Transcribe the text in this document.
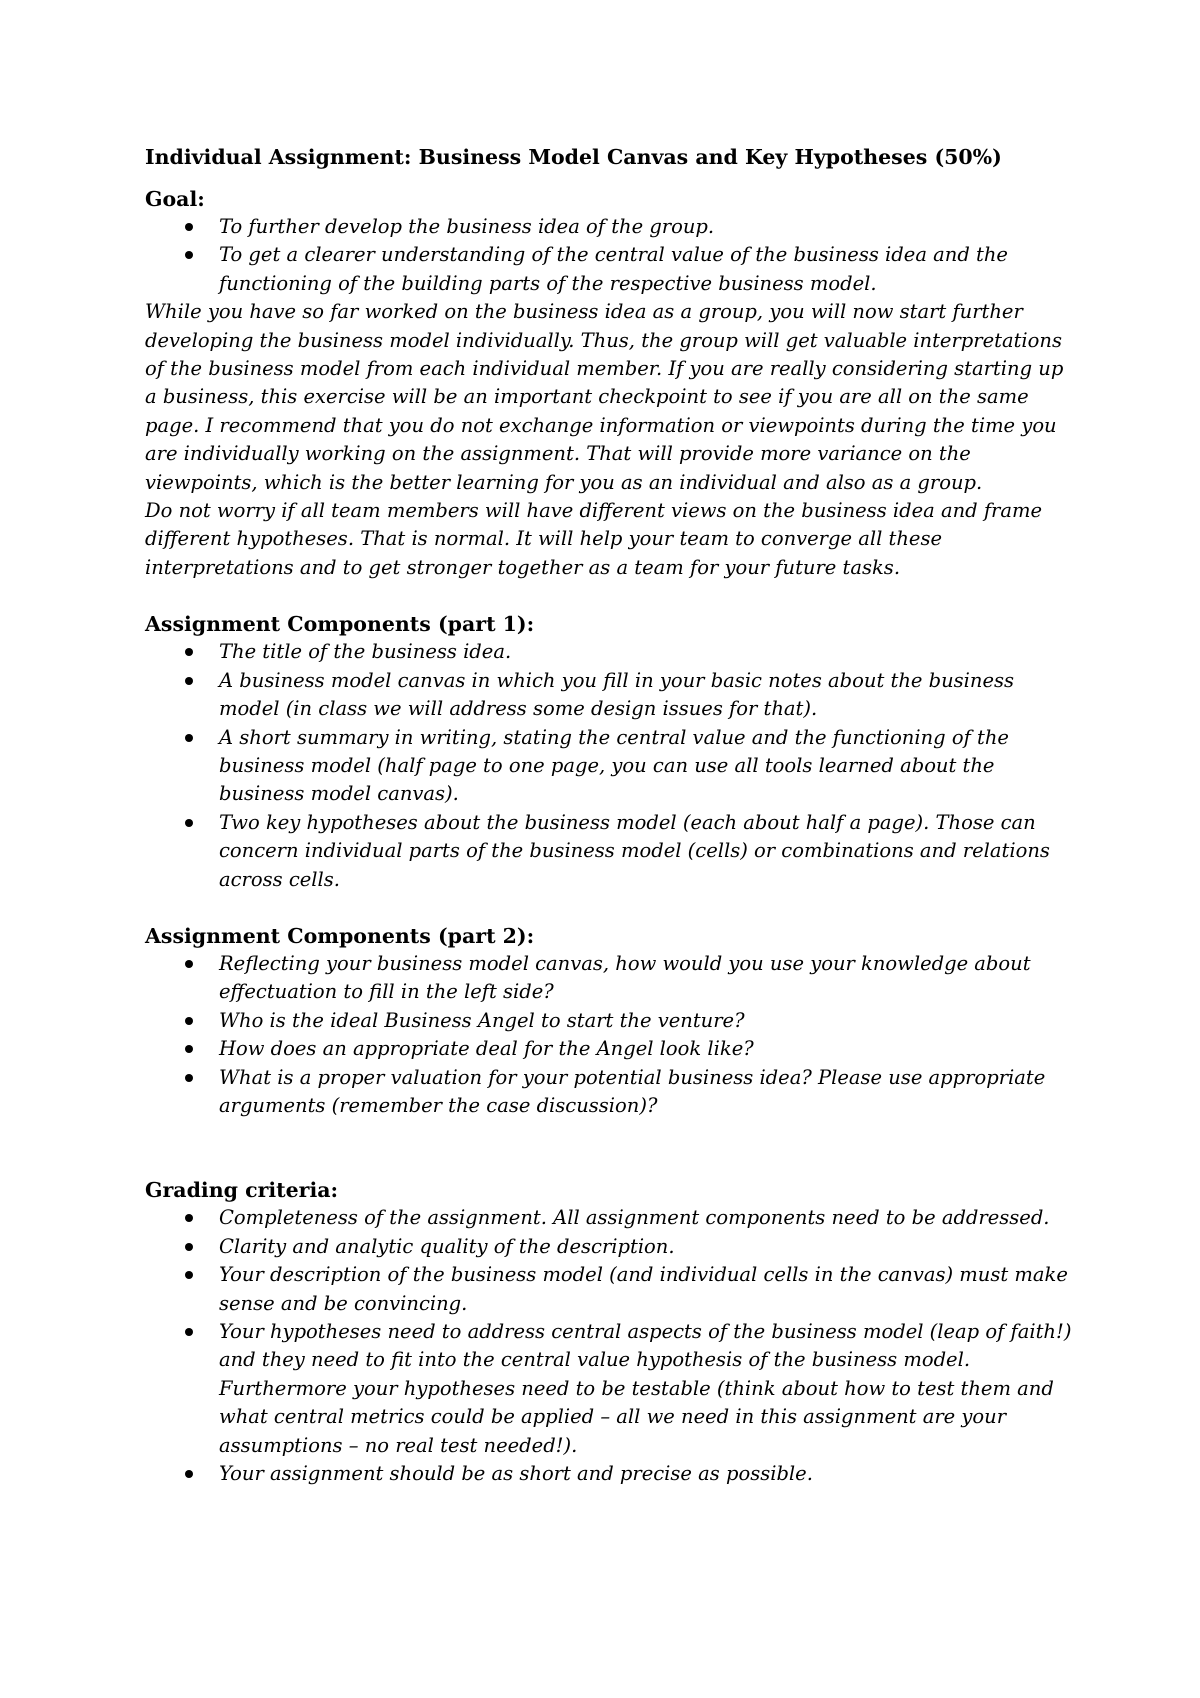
Individual Assignment: Business Model Canvas and Key Hypotheses (50%)
Goal:
To further develop the business idea of the group.
To get a clearer understanding of the central value of the business idea and the functioning of the building parts of the respective business model.

While you have so far worked on the business idea as a group, you will now start further developing the business model individually. Thus, the group will get valuable interpretations of the business model from each individual member. If you are really considering starting up a business, this exercise will be an important checkpoint to see if you are all on the same page. I recommend that you do not exchange information or viewpoints during the time you are individually working on the assignment. That will provide more variance on the viewpoints, which is the better learning for you as an individual and also as a group.

Do not worry if all team members will have different views on the business idea and frame different hypotheses. That is normal. It will help your team to converge all these interpretations and to get stronger together as a team for your future tasks.

Assignment Components (part 1):
The title of the business idea.
A business model canvas in which you fill in your basic notes about the business model (in class we will address some design issues for that).
A short summary in writing, stating the central value and the functioning of the business model (half page to one page, you can use all tools learned about the business model canvas).
Two key hypotheses about the business model (each about half a page). Those can concern individual parts of the business model (cells) or combinations and relations across cells.
Assignment Components (part 2):
Reflecting your business model canvas, how would you use your knowledge about effectuation to fill in the left side?
Who is the ideal Business Angel to start the venture?
How does an appropriate deal for the Angel look like?
What is a proper valuation for your potential business idea? Please use appropriate arguments (remember the case discussion)?
Grading criteria:
Completeness of the assignment. All assignment components need to be addressed.
Clarity and analytic quality of the description.
Your description of the business model (and individual cells in the canvas) must make sense and be convincing.
Your hypotheses need to address central aspects of the business model (leap of faith!) and they need to fit into the central value hypothesis of the business model. Furthermore your hypotheses need to be testable (think about how to test them and what central metrics could be applied – all we need in this assignment are your assumptions – no real test needed!).
Your assignment should be as short and precise as possible.
